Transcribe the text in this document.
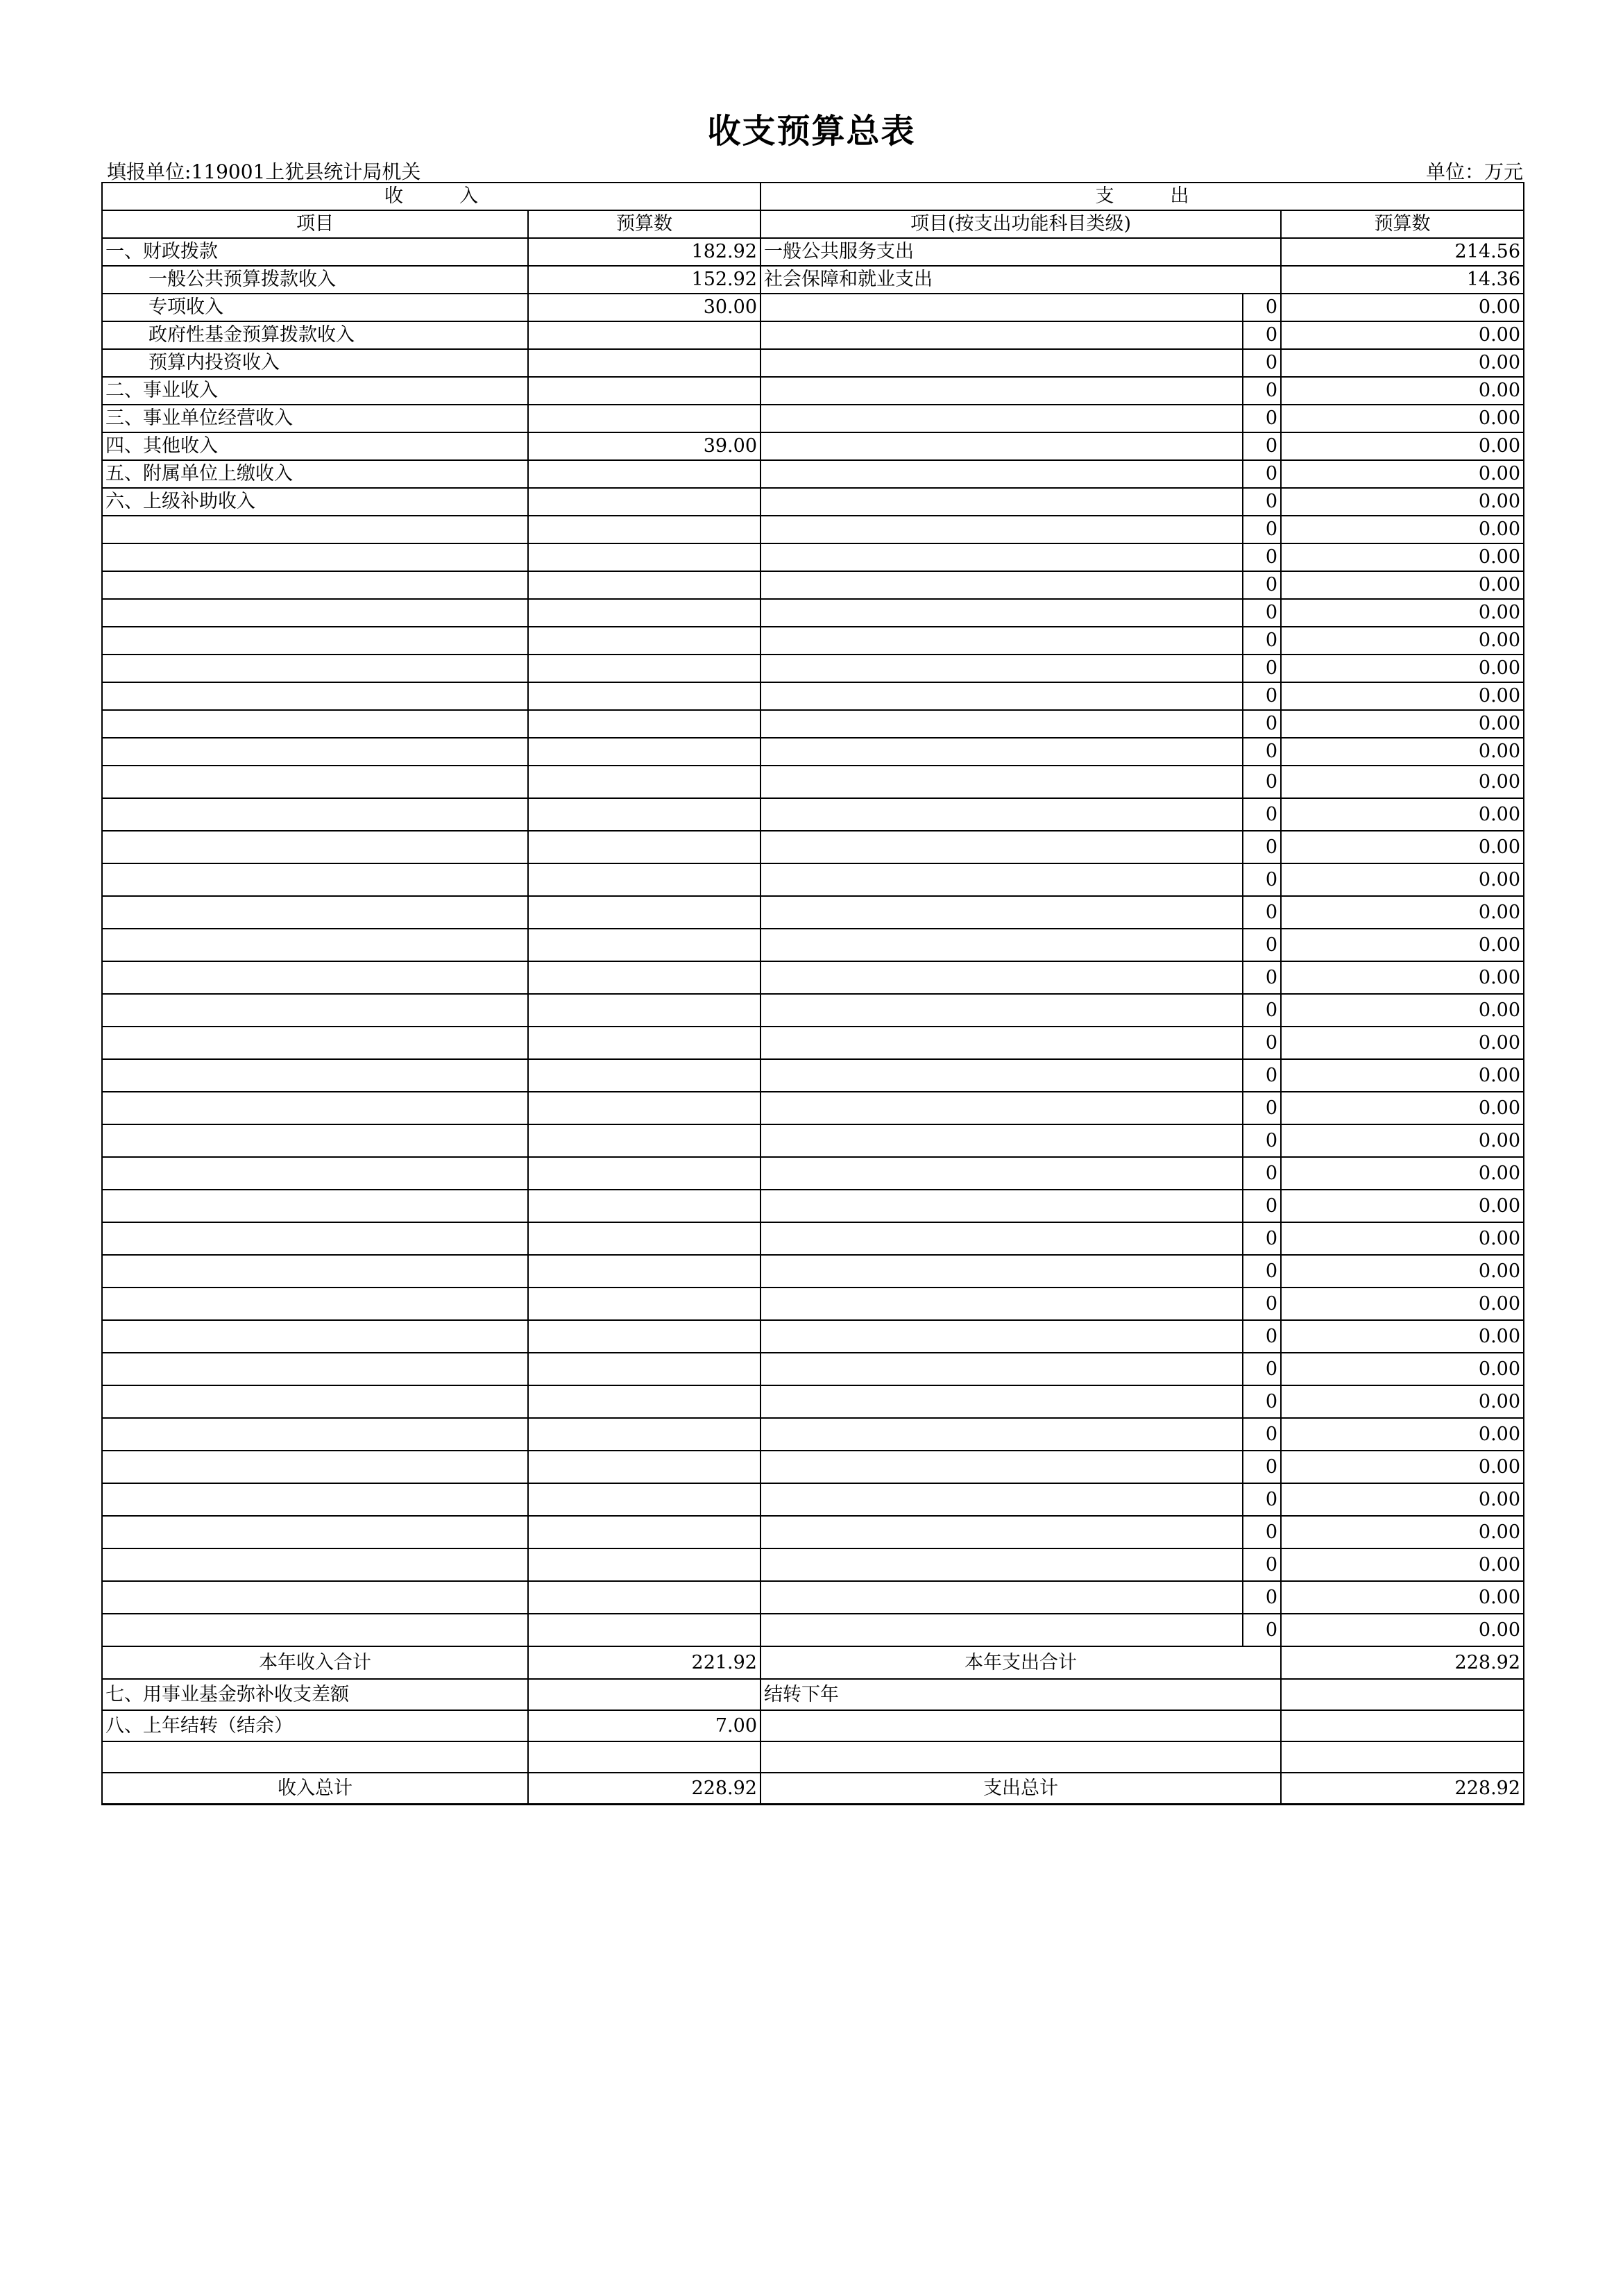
收支预算总表
填报单位:119001上犹县统计局机关	单位：万元
收　　　入		支　　　出		
项目	预算数	项目(按支出功能科目类级)		预算数
一、财政拨款	182.92	一般公共服务支出		214.56
一般公共预算拨款收入	152.92	社会保障和就业支出		14.36
专项收入	30.00		0	0.00
政府性基金预算拨款收入			0	0.00
预算内投资收入			0	0.00
二、事业收入			0	0.00
三、事业单位经营收入			0	0.00
四、其他收入	39.00		0	0.00
五、附属单位上缴收入			0	0.00
六、上级补助收入			0	0.00
			0	0.00
			0	0.00
			0	0.00
			0	0.00
			0	0.00
			0	0.00
			0	0.00
			0	0.00
			0	0.00
			0	0.00
			0	0.00
			0	0.00
			0	0.00
			0	0.00
			0	0.00
			0	0.00
			0	0.00
			0	0.00
			0	0.00
			0	0.00
			0	0.00
			0	0.00
			0	0.00
			0	0.00
			0	0.00
			0	0.00
			0	0.00
			0	0.00
			0	0.00
			0	0.00
			0	0.00
			0	0.00
			0	0.00
			0	0.00
			0	0.00
			0	0.00
本年收入合计	221.92	本年支出合计		228.92
七、用事业基金弥补收支差额		结转下年		
八、上年结转（结余）	7.00			

收入总计	228.92	支出总计		228.92
